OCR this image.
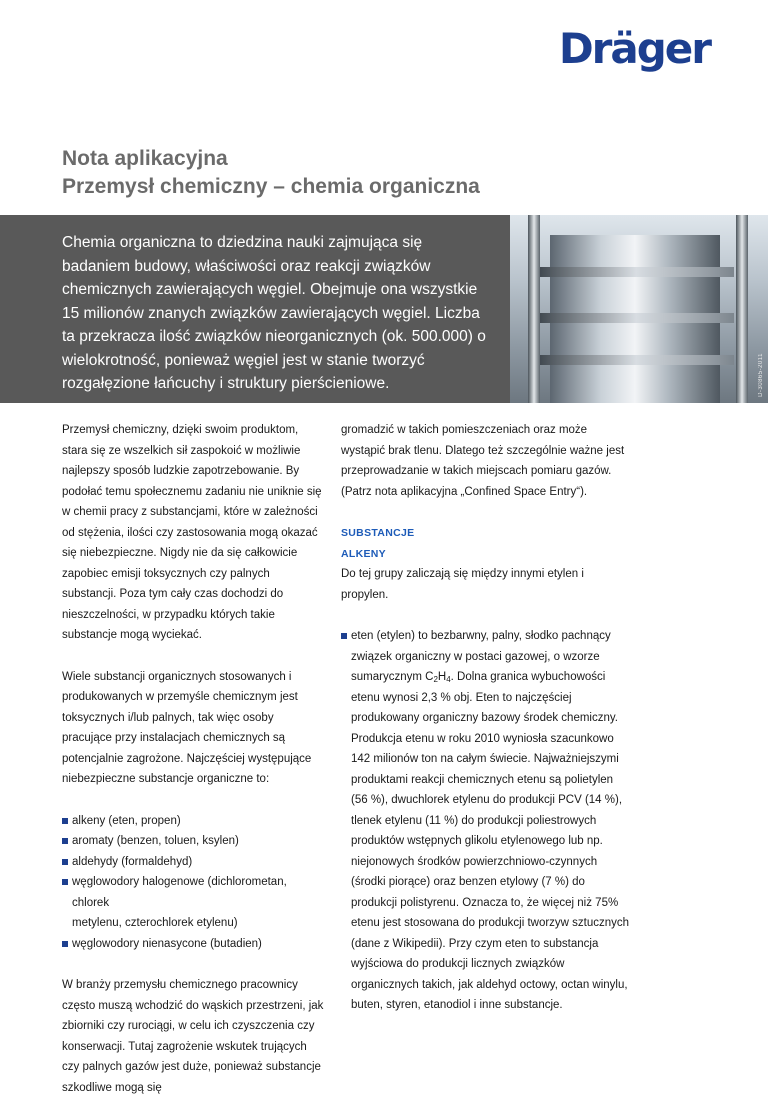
Dräger
Nota aplikacyjna
Przemysł chemiczny – chemia organiczna
Chemia organiczna to dziedzina nauki zajmująca się badaniem budowy, właściwości oraz reakcji związków chemicznych zawierających węgiel. Obejmuje ona wszystkie 15 milionów znanych związków zawierających węgiel. Liczba ta przekracza ilość związków nieorganicznych (ok. 500.000) o wielokrotność, ponieważ węgiel jest w stanie tworzyć rozgałęzione łańcuchy i struktury pierścieniowe.	D-30865-2011

Przemysł chemiczny, dzięki swoim produktom, stara się ze wszelkich sił zaspokoić w możliwie najlepszy sposób ludzkie zapotrzebowanie. By podołać temu społecznemu zadaniu nie uniknie się w chemii pracy z substancjami, które w zależności od stężenia, ilości czy zastosowania mogą okazać się niebezpieczne. Nigdy nie da się całkowicie zapobiec emisji toksycznych czy palnych substancji. Poza tym cały czas dochodzi do nieszczelności, w przypadku których takie substancje mogą wyciekać.

Wiele substancji organicznych stosowanych i produkowanych w przemyśle chemicznym jest toksycznych i/lub palnych, tak więc osoby pracujące przy instalacjach chemicznych są potencjalnie zagrożone. Najczęściej występujące niebezpieczne substancje organiczne to:

alkeny (eten, propen)
aromaty (benzen, toluen, ksylen)
aldehydy (formaldehyd)
węglowodory halogenowe (dichlorometan, chlorek
metylenu, czterochlorek etylenu)
węglowodory nienasycone (butadien)

W branży przemysłu chemicznego pracownicy często muszą wchodzić do wąskich przestrzeni, jak zbiorniki czy rurociągi, w celu ich czyszczenia czy konserwacji. Tutaj zagrożenie wskutek trujących czy palnych gazów jest duże, ponieważ substancje szkodliwe mogą się

gromadzić w takich pomieszczeniach oraz może wystąpić brak tlenu. Dlatego też szczególnie ważne jest przeprowadzanie w takich miejscach pomiaru gazów. (Patrz nota aplikacyjna „Confined Space Entry“).

SUBSTANCJE
ALKENY

Do tej grupy zaliczają się między innymi etylen i propylen.

eten (etylen) to bezbarwny, palny, słodko pachnący związek organiczny w postaci gazowej, o wzorze sumarycznym $C_2H_4$. Dolna granica wybuchowości etenu wynosi 2,3 % obj. Eten to najczęściej produkowany organiczny bazowy środek chemiczny. Produkcja etenu w roku 2010 wyniosła szacunkowo 142 milionów ton na całym świecie. Najważniejszymi produktami reakcji chemicznych etenu są polietylen (56 %), dwuchlorek etylenu do produkcji PCV (14 %), tlenek etylenu (11 %) do produkcji poliestrowych produktów wstępnych glikolu etylenowego lub np. niejonowych środków powierzchniowo-czynnych (środki piorące) oraz benzen etylowy (7 %) do produkcji polistyrenu. Oznacza to, że więcej niż 75% etenu jest stosowana do produkcji tworzyw sztucznych (dane z Wikipedii). Przy czym eten to substancja wyjściowa do produkcji licznych związków organicznych takich, jak aldehyd octowy, octan winylu, buten, styren, etanodiol i inne substancje.
